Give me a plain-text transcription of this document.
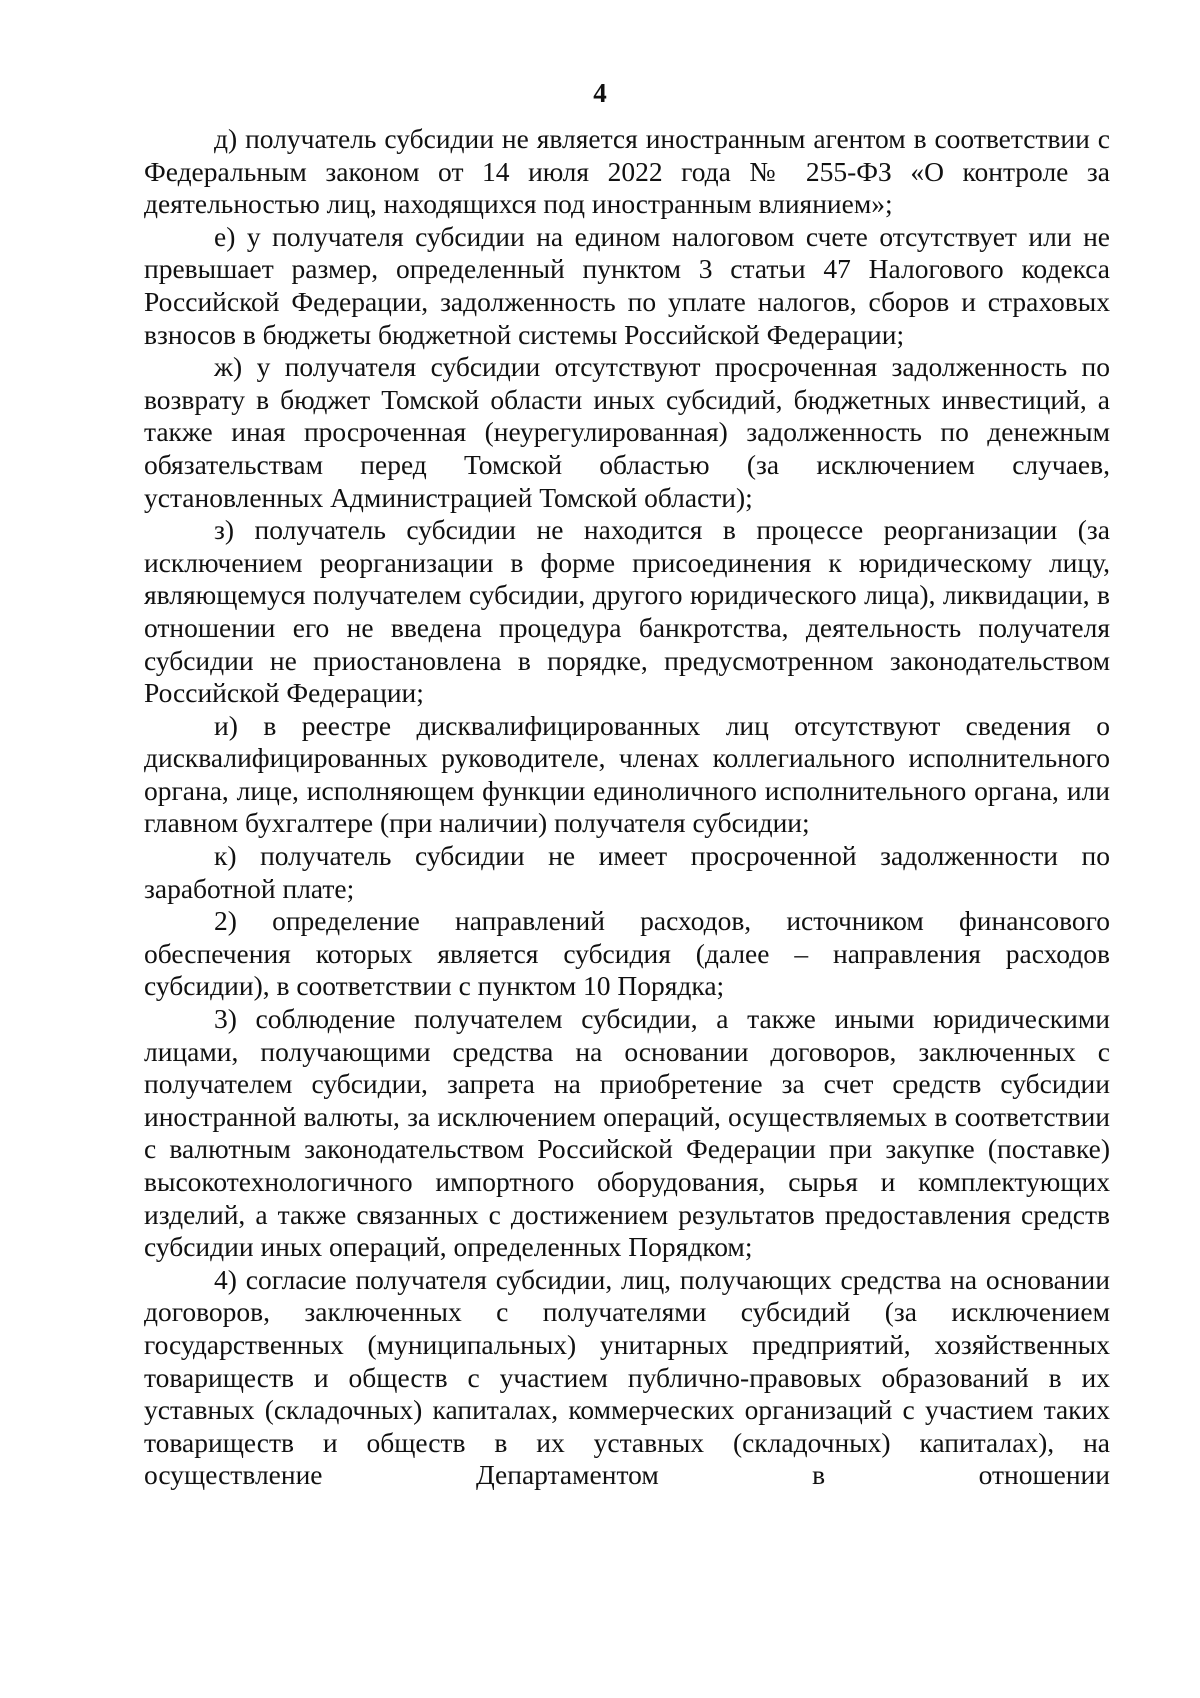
4

д) получатель субсидии не является иностранным агентом в соответствии с Федеральным законом от 14 июля 2022 года № 255-ФЗ «О контроле за деятельностью лиц, находящихся под иностранным влиянием»;

е) у получателя субсидии на едином налоговом счете отсутствует или не превышает размер, определенный пунктом 3 статьи 47 Налогового кодекса Российской Федерации, задолженность по уплате налогов, сборов и страховых взносов в бюджеты бюджетной системы Российской Федерации;

ж) у получателя субсидии отсутствуют просроченная задолженность по возврату в бюджет Томской области иных субсидий, бюджетных инвестиций, а также иная просроченная (неурегулированная) задолженность по денежным обязательствам перед Томской областью (за исключением случаев, установленных Администрацией Томской области);

з) получатель субсидии не находится в процессе реорганизации (за исключением реорганизации в форме присоединения к юридическому лицу, являющемуся получателем субсидии, другого юридического лица), ликвидации, в отношении его не введена процедура банкротства, деятельность получателя субсидии не приостановлена в порядке, предусмотренном законодательством Российской Федерации;

и) в реестре дисквалифицированных лиц отсутствуют сведения о дисквалифицированных руководителе, членах коллегиального исполнительного органа, лице, исполняющем функции единоличного исполнительного органа, или главном бухгалтере (при наличии) получателя субсидии;

к) получатель субсидии не имеет просроченной задолженности по заработной плате;

2) определение направлений расходов, источником финансового обеспечения которых является субсидия (далее – направления расходов субсидии), в соответствии с пунктом 10 Порядка;

3) соблюдение получателем субсидии, а также иными юридическими лицами, получающими средства на основании договоров, заключенных с получателем субсидии, запрета на приобретение за счет средств субсидии иностранной валюты, за исключением операций, осуществляемых в соответствии с валютным законодательством Российской Федерации при закупке (поставке) высокотехнологичного импортного оборудования, сырья и комплектующих изделий, а также связанных с достижением результатов предоставления средств субсидии иных операций, определенных Порядком;

4) согласие получателя субсидии, лиц, получающих средства на основании договоров, заключенных с получателями субсидий (за исключением государственных (муниципальных) унитарных предприятий, хозяйственных товариществ и обществ с участием публично-правовых образований в их уставных (складочных) капиталах, коммерческих организаций с участием таких товариществ и обществ в их уставных (складочных) капиталах), на осуществление Департаментом в отношении
